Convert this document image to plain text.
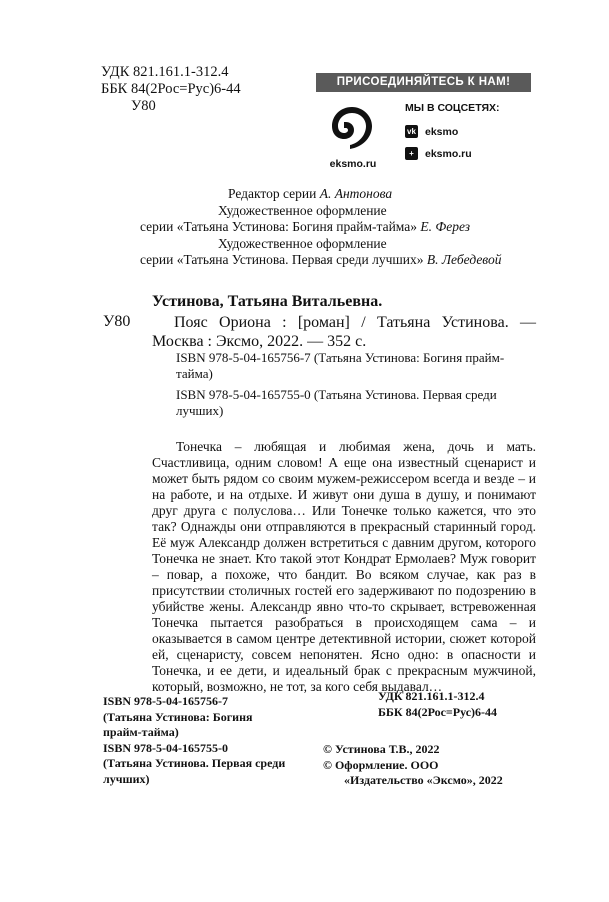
УДК 821.161.1-312.4
ББК 84(2Рос=Рус)6-44
У80
ПРИСОЕДИНЯЙТЕСЬ К НАМ!
eksmo.ru
МЫ В СОЦСЕТЯХ:
vk eksmo
+	eksmo.ru
Редактор серии А. Антонова
Художественное оформление
серии «Татьяна Устинова: Богиня прайм-тайма» Е. Ферез
Художественное оформление
серии «Татьяна Устинова. Первая среди лучших» В. Лебедевой
Устинова, Татьяна Витальевна.
У80	Пояс Ориона : [роман] / Татьяна Устинова. — Москва : Эксмо, 2022. — 352 с.

ISBN 978-5-04-165756-7 (Татьяна Устинова: Богиня прайм-тайма)

ISBN 978-5-04-165755-0 (Татьяна Устинова. Первая среди лучших)

Тонечка – любящая и любимая жена, дочь и мать. Счастливица, одним словом! А еще она известный сценарист и может быть рядом со своим мужем-режиссером всегда и везде – и на работе, и на отдыхе. И живут они душа в душу, и понимают друг друга с полуслова… Или Тонечке только кажется, что это так? Однажды они отправляются в прекрасный старинный город. Её муж Александр должен встретиться с давним другом, которого Тонечка не знает. Кто такой этот Кондрат Ермолаев? Муж говорит – повар, а похоже, что бандит. Во всяком случае, как раз в присутствии столичных гостей его задерживают по подозрению в убийстве жены. Александр явно что-то скрывает, встревоженная Тонечка пытается разобраться в происходящем сама – и оказывается в самом центре детективной истории, сюжет которой ей, сценаристу, совсем непонятен. Ясно одно: в опасности и Тонечка, и ее дети, и идеальный брак с прекрасным мужчиной, который, возможно, не тот, за кого себя выдавал…

ISBN 978-5-04-165756-7
(Татьяна Устинова: Богиня
прайм-тайма)
ISBN 978-5-04-165755-0
(Татьяна Устинова. Первая среди
лучших)
УДК 821.161.1-312.4
ББК 84(2Рос=Рус)6-44
© Устинова Т.В., 2022
© Оформление. ООО
«Издательство «Эксмо», 2022
